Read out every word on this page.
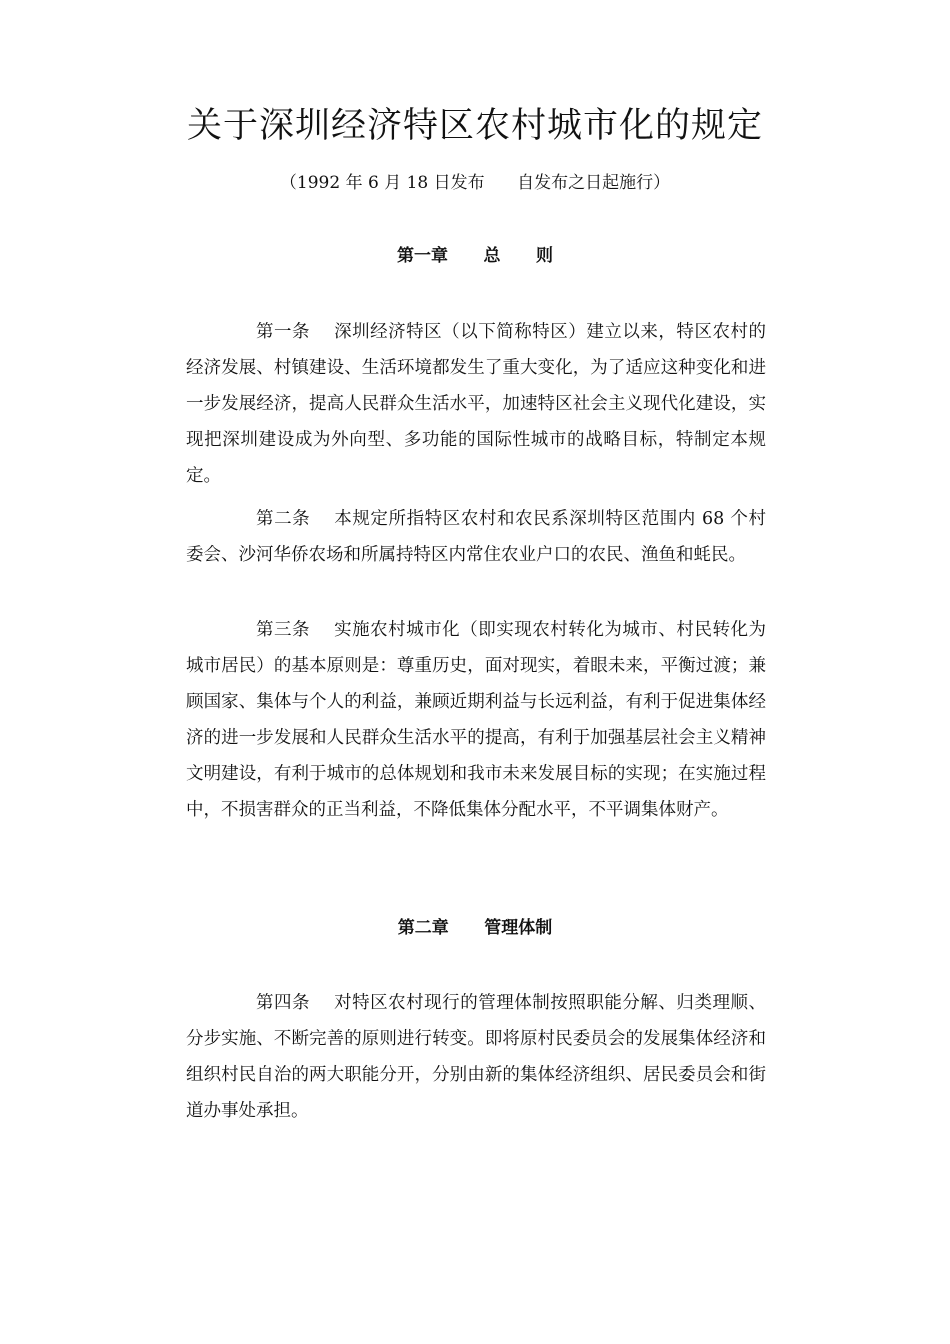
关于深圳经济特区农村城市化的规定

（1992 年 6 月 18 日发布      自发布之日起施行）

第一章      总      则

第一条 深圳经济特区（以下简称特区）建立以来，特区农村的经济发展、村镇建设、生活环境都发生了重大变化，为了适应这种变化和进一步发展经济，提高人民群众生活水平，加速特区社会主义现代化建设，实现把深圳建设成为外向型、多功能的国际性城市的战略目标，特制定本规定。

第二条 本规定所指特区农村和农民系深圳特区范围内 68 个村委会、沙河华侨农场和所属持特区内常住农业户口的农民、渔鱼和蚝民。

第三条 实施农村城市化（即实现农村转化为城市、村民转化为城市居民）的基本原则是：尊重历史，面对现实，着眼未来，平衡过渡；兼顾国家、集体与个人的利益，兼顾近期利益与长远利益，有利于促进集体经济的进一步发展和人民群众生活水平的提高，有利于加强基层社会主义精神文明建设，有利于城市的总体规划和我市未来发展目标的实现；在实施过程中，不损害群众的正当利益，不降低集体分配水平，不平调集体财产。

第二章      管理体制

第四条 对特区农村现行的管理体制按照职能分解、归类理顺、分步实施、不断完善的原则进行转变。即将原村民委员会的发展集体经济和组织村民自治的两大职能分开，分别由新的集体经济组织、居民委员会和街道办事处承担。
